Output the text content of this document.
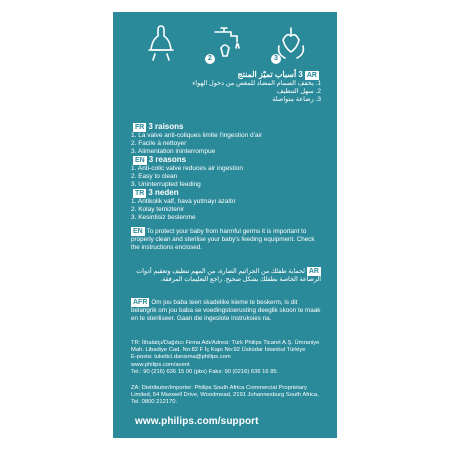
2	3
AR3 أسباب تميّز المنتج
1. يخفف الصمام المضاد للمغص من دخول الهواء
2. سهل التنظيف
3. رضاعة متواصلة
FR 3 raisons
1. La valve anti-coliques limite l'ingestion d'air
2. Facile à nettoyer
3. Alimentation ininterrompue
EN 3 reasons
1. Anti-colic valve reduces air ingestion
2. Easy to clean
3. Uninterrupted feeding
TR 3 neden
1. Antikolik valf, hava yutmayı azaltır
2. Kolay temizlenir
3. Kesintisiz beslenme
EN To protect your baby from harmful germs it is important to properly clean and sterilise your baby's feeding equipment. Check the instructions enclosed.
ARلحماية طفلك من الجراثيم الضارة، من المهم تنظيف وتعقيم أدوات الرضاعة الخاصة بطفلك بشكل صحيح. راجع التعليمات المرفقة.
AFR Om jou baba teen skadelike kieme te beskerm, is dit belangrik om jou baba se voedingstoerusting deeglik skoon te maak en te steriliseer. Gaan die ingeslote instruksies na.
TR: İthalatçı/Dağıtıcı Firma Adı/Adresi: Türk Philips Ticaret A.Ş. Ümraniye Mah. Libadiye Cad. No:82 F İç Kapı No:92 Üsküdar İstanbul Türkiye
E-posta: tuketici.danisma@philips.com
www.philips.com/avent
Tel.: 90 (216) 636 15 00 (pbx) Faks: 90 (0216) 636 16 85.
ZA: Distributor/Importer: Philips South Africa Commercial Proprietary Limited, 54 Maxwell Drive, Woodmead, 2191 Johannesburg South Africa, Tel. 0800 212170.
www.philips.com/support
